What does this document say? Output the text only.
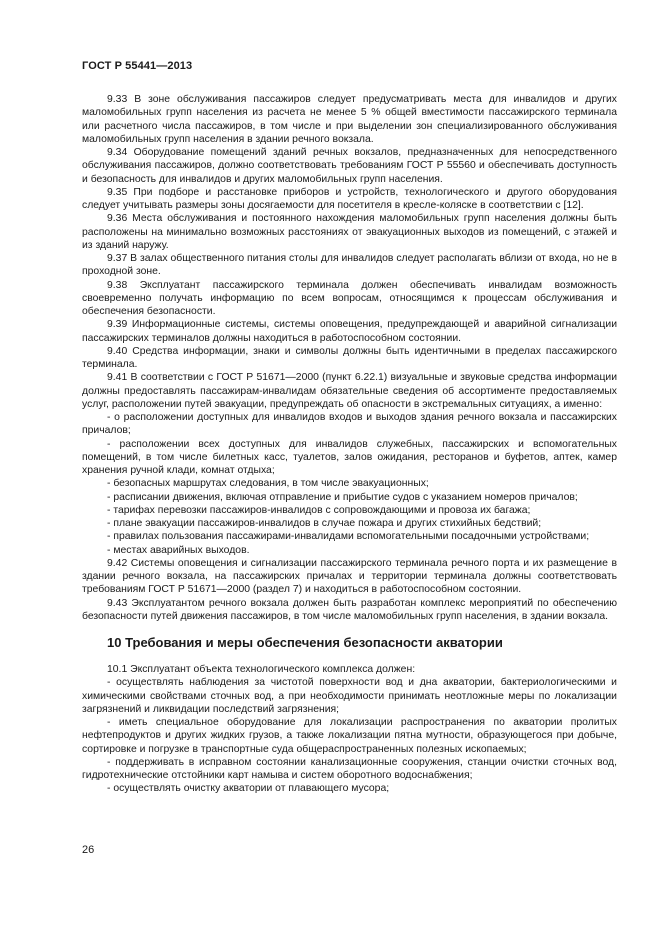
ГОСТ Р 55441—2013

9.33 В зоне обслуживания пассажиров следует предусматривать места для инвалидов и других маломобильных групп населения из расчета не менее 5 % общей вместимости пассажирского терминала или расчетного числа пассажиров, в том числе и при выделении зон специализированного обслуживания маломобильных групп населения в здании речного вокзала.

9.34 Оборудование помещений зданий речных вокзалов, предназначенных для непосредственного обслуживания пассажиров, должно соответствовать требованиям ГОСТ Р 55560 и обеспечивать доступность и безопасность для инвалидов и других маломобильных групп населения.

9.35 При подборе и расстановке приборов и устройств, технологического и другого оборудования следует учитывать размеры зоны досягаемости для посетителя в кресле-коляске в соответствии с [12].

9.36 Места обслуживания и постоянного нахождения маломобильных групп населения должны быть расположены на минимально возможных расстояниях от эвакуационных выходов из помещений, с этажей и из зданий наружу.

9.37 В залах общественного питания столы для инвалидов следует располагать вблизи от входа, но не в проходной зоне.

9.38 Эксплуатант пассажирского терминала должен обеспечивать инвалидам возможность своевременно получать информацию по всем вопросам, относящимся к процессам обслуживания и обеспечения безопасности.

9.39 Информационные системы, системы оповещения, предупреждающей и аварийной сигнализации пассажирских терминалов должны находиться в работоспособном состоянии.

9.40 Средства информации, знаки и символы должны быть идентичными в пределах пассажирского терминала.

9.41 В соответствии с ГОСТ Р 51671—2000 (пункт 6.22.1) визуальные и звуковые средства информации должны предоставлять пассажирам-инвалидам обязательные сведения об ассортименте предоставляемых услуг, расположении путей эвакуации, предупреждать об опасности в экстремальных ситуациях, а именно:

- о расположении доступных для инвалидов входов и выходов здания речного вокзала и пассажирских причалов;

- расположении всех доступных для инвалидов служебных, пассажирских и вспомогательных помещений, в том числе билетных касс, туалетов, залов ожидания, ресторанов и буфетов, аптек, камер хранения ручной клади, комнат отдыха;

- безопасных маршрутах следования, в том числе эвакуационных;

- расписании движения, включая отправление и прибытие судов с указанием номеров причалов;

- тарифах перевозки пассажиров-инвалидов с сопровождающими и провоза их багажа;

- плане эвакуации пассажиров-инвалидов в случае пожара и других стихийных бедствий;

- правилах пользования пассажирами-инвалидами вспомогательными посадочными устройствами;

- местах аварийных выходов.

9.42 Системы оповещения и сигнализации пассажирского терминала речного порта и их размещение в здании речного вокзала, на пассажирских причалах и территории терминала должны соответствовать требованиям ГОСТ Р 51671—2000 (раздел 7) и находиться в работоспособном состоянии.

9.43 Эксплуатантом речного вокзала должен быть разработан комплекс мероприятий по обеспечению безопасности путей движения пассажиров, в том числе маломобильных групп населения, в здании вокзала.

10 Требования и меры обеспечения безопасности акватории

10.1 Эксплуатант объекта технологического комплекса должен:

- осуществлять наблюдения за чистотой поверхности вод и дна акватории, бактериологическими и химическими свойствами сточных вод, а при необходимости принимать неотложные меры по локализации загрязнений и ликвидации последствий загрязнения;

- иметь специальное оборудование для локализации распространения по акватории пролитых нефтепродуктов и других жидких грузов, а также локализации пятна мутности, образующегося при добыче, сортировке и погрузке в транспортные суда общераспространенных полезных ископаемых;

- поддерживать в исправном состоянии канализационные сооружения, станции очистки сточных вод, гидротехнические отстойники карт намыва и систем оборотного водоснабжения;

- осуществлять очистку акватории от плавающего мусора;

26
